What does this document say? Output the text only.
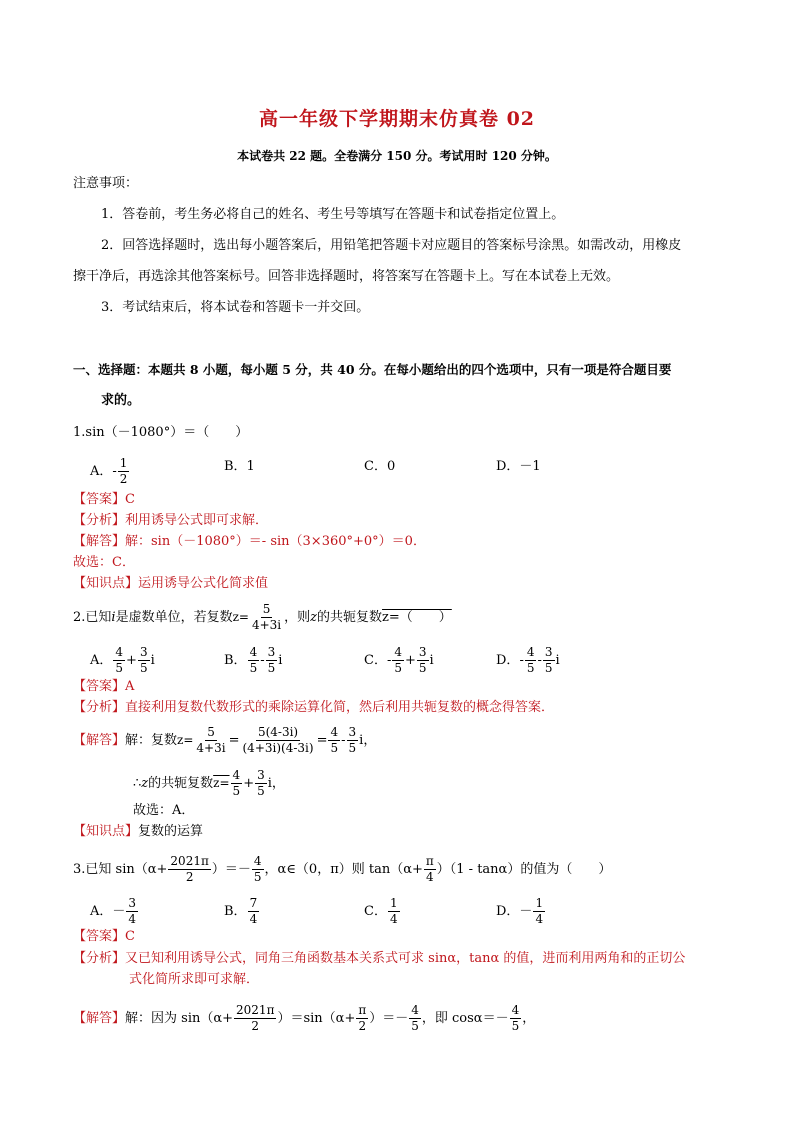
高一年级下学期期末仿真卷 02
本试卷共 22 题。全卷满分 150 分。考试用时 120 分钟。
注意事项：
1．答卷前，考生务必将自己的姓名、考生号等填写在答题卡和试卷指定位置上。
2．回答选择题时，选出每小题答案后，用铅笔把答题卡对应题目的答案标号涂黑。如需改动，用橡皮
擦干净后，再选涂其他答案标号。回答非选择题时，将答案写在答题卡上。写在本试卷上无效。
3．考试结束后，将本试卷和答题卡一并交回。
一、选择题：本题共 8 小题，每小题 5 分，共 40 分。在每小题给出的四个选项中，只有一项是符合题目要
求的。
1.sin（－1080°）＝（　　）
A．- $\frac{1}{2}$	B．1	C．0	D．－1
【答案】C
【分析】利用诱导公式即可求解．
【解答】解：sin（－1080°）＝- sin（3×360°+0°）＝0．
故选：C．
【知识点】运用诱导公式化简求值
2.已知i是虚数单位，若复数$z= \frac{5}{4+3i}$ ，则z的共轭复数z=（　　）
A． $\frac{4}{5} + \frac{3}{5}$ i	B． $\frac{4}{5} - \frac{3}{5}$ i	C．- $\frac{4}{5} + \frac{3}{5}$ i	D．- $\frac{4}{5} - \frac{3}{5}$ i
【答案】A
【分析】直接利用复数代数形式的乘除运算化简，然后利用共轭复数的概念得答案．
【解答】解：复数$z= \frac{5}{4+3i} = \frac{5(4-3i)}{(4+3i)(4-3i)} = \frac{4}{5} - \frac{3}{5}$ i，
∴z的共轭复数$z= \frac{4}{5} + \frac{3}{5}$ i，
故选：A．
【知识点】复数的运算
3.已知 $\sin(\alpha+ \frac{2021\pi}{2}$ ）＝－ $\frac{4}{5}$ ，α∈（0，π）则 $\tan(\alpha+ \frac{\pi}{4} )(1 - \tan\alpha)$的值为（　　）
A．－ $\frac{3}{4}$	B． $\frac{7}{4}$	C． $\frac{1}{4}$	D．－ $\frac{1}{4}$
【答案】C
【分析】又已知利用诱导公式，同角三角函数基本关系式可求 sinα，tanα 的值，进而利用两角和的正切公
式化简所求即可求解．
【解答】解：因为 $\sin(\alpha+ \frac{2021\pi}{2} )=\sin(\alpha+ \frac{\pi}{2}$ ）＝－ $\frac{4}{5}$ ，即 $\cos\alpha=- \frac{4}{5}$ ，
